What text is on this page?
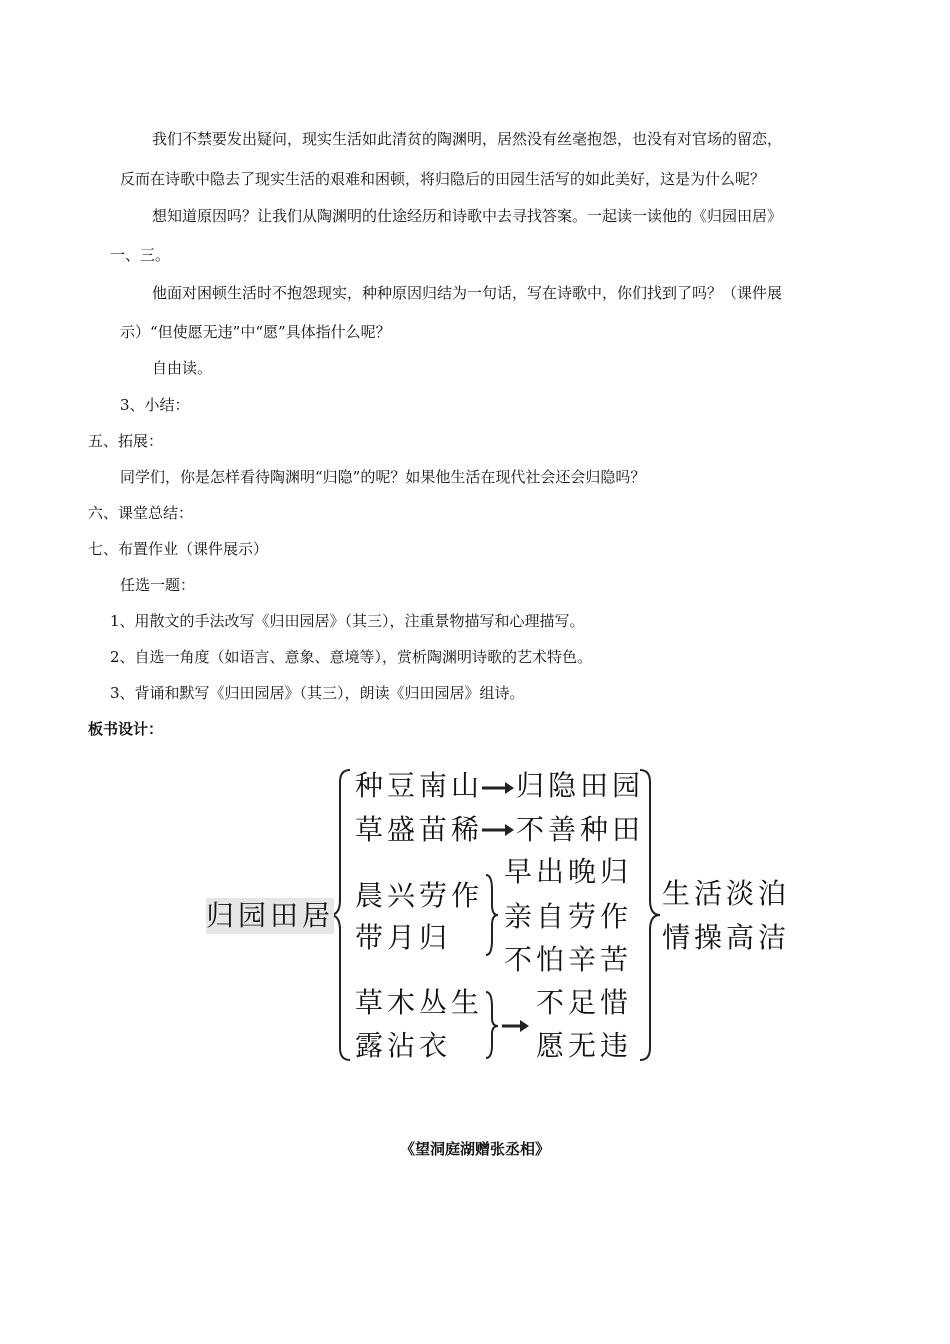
我们不禁要发出疑问，现实生活如此清贫的陶渊明，居然没有丝毫抱怨，也没有对官场的留恋，
反而在诗歌中隐去了现实生活的艰难和困顿，将归隐后的田园生活写的如此美好，这是为什么呢？
想知道原因吗？让我们从陶渊明的仕途经历和诗歌中去寻找答案。一起读一读他的《归园田居》
一、三。
他面对困顿生活时不抱怨现实，种种原因归结为一句话，写在诗歌中，你们找到了吗？（课件展
示）“但使愿无违”中“愿”具体指什么呢？
自由读。
3、小结：
五、拓展：
同学们，你是怎样看待陶渊明“归隐”的呢？如果他生活在现代社会还会归隐吗？
六、课堂总结：
七、布置作业（课件展示）
任选一题：
1、用散文的手法改写《归田园居》（其三），注重景物描写和心理描写。
2、自选一角度（如语言、意象、意境等），赏析陶渊明诗歌的艺术特色。
3、背诵和默写《归田园居》（其三），朗读《归田园居》组诗。
板书设计：
归园田居
种豆南山 归隐田园
草盛苗稀 不善种田
晨兴劳作
带月归
早出晚归
亲自劳作
不怕辛苦
草木丛生
露沾衣
不足惜
愿无违
生活淡泊
情操高洁
《望洞庭湖赠张丞相》
